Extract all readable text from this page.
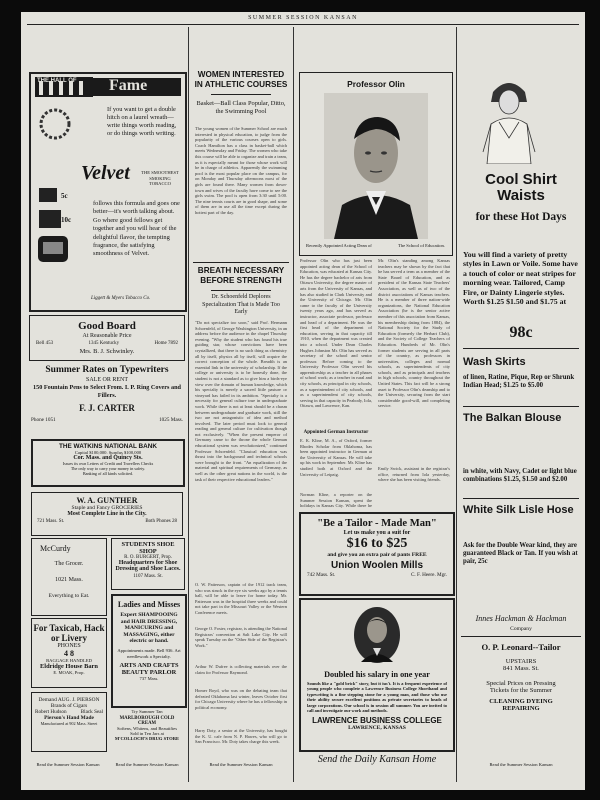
SUMMER SESSION KANSAN
THE HALL OF Fame
If you want to get a double hitch on a laurel wreath—write things worth reading, or do things worth writing.
Velvet	THE SMOOTHEST SMOKING TOBACCO
5c
10c
follows this formula and goes one better—it's worth talking about. Go where good fellows get together and you will hear of the delightful flavor, the tempting fragrance, the satisfying smoothness of Velvet.
Liggett & Myers Tobacco Co.
Good Board
At Reasonable Price
Bell 453	1345 Kentucky	Home 7892
Mrs. B. J. Schwinley.
Summer Rates on Typewriters
SALE OR RENT
150 Fountain Pens to Select From. I. P. Ring Covers and Fillers.
F. J. CARTER
Phone 1051	1025 Mass.
THE WATKINS NATIONAL BANK
Capital $100,000. Surplus $100,000
Cor. Mass. and Quincy Sts.
Issues its own Letters of Credit and Travellers Checks
The only way to carry your money in safety.
Banking of all kinds solicited.
W. A. GUNTHER
Staple and Fancy GROCERIES
Most Complete Line in the City.
721 Mass. St.	Both Phones 28
McCurdy
The Grocer.
1021 Mass.
Everything to Eat.
For Taxicab, Hack or Livery
PHONES
4 8
BAGGAGE HANDLED
Eldridge House Barn
E. MOAK, Prop.
Demand AUG. J. PIERSON
Brands of Cigars
Robert Hudson	Black Seal
Pierson's Hand Made
Manufactured at 902 Mass. Street
Read the Summer Session Kansan
STUDENTS SHOE SHOP
R. O. BURGERT, Prop.
Headquarters for Shoe
Dressing and Shoe Laces.
1107 Mass. St.
Ladies and Misses
Expert SHAMPOOING and HAIR DRESSING, MANICURING and MASSAGING, either electric or hand.
Appointments made. Bell 936. Art needlework a Specialty.
ARTS AND CRAFTS
BEAUTY PARLOR
737 Mass.
Try Summer Tan
MARLBOROUGH COLD CREAM
Softens, Whitens, and Beautifies
Sold in Ten Jars at
M'COLLOCH'S DRUG STORE
Read the Summer Session Kansan
WOMEN INTERESTED IN ATHLETIC COURSES
Basket—Ball Class Popular, Ditto, the Swimming Pool
The young women of the Summer School are much interested in physical education, to judge from the popularity of the various courses open to girls. Coach Hamilton has a class in basket-ball which meets Wednesday and Friday. The women who take this course will be able to organize and train a team, as it is especially meant for those whose work will be in charge of athletics. Apparently the swimming pool is the most popular place on the campus, for on Monday and Thursday afternoons most of the girls are found there. Many women from down-town and wives of the faculty have come to see the girls swim. The pool is open from 3:30 until 5:00. The nine tennis courts are in good shape, and some of them are in use all the time except during the hottest part of the day.
BREATH NECESSARY BEFORE STRENGTH
Dr. Schoenfeld Deplores Specialization That is Made Too Early
"Do not specialize too soon," said Prof. Hermann Schoenfeld, of George Washington University, in an address before the audience in the chapel Thursday evening. "Why the student who has found his true guiding star, whose convictions have been crystallized, that there is no such thing as chemistry all by itself, physics all by itself, will acquire the correct conception of the whole. Breadth is an essential link in the university of scholarship. If the college or university is to be honestly done, the student is not a standard as to give him a birds-eye view over the domain of human knowledge, which his specialty is merely a sacred little pasture or vineyard has failed in its ambition. "Specialty is a necessity for general culture true in undergraduate work. While there is not at least should be a chasm between undergraduate and graduate work, still the two are not antagonistic of idea and method involved. The later period must look to general reading and general culture for cultivation though not exclusively. "When the present emperor of Germany came to the throne the whole German educational system was revolutionized," continued Professor Schoenfeld. "Classical education was thrust into the background and technical schools were brought to the front. "An equalization of the material and spiritual requirements of Germany, as well as the other great nations in the world, is the task of their respective educational leaders."
O. W. Patterson, captain of the 1912 track team, who was struck in the eye six weeks ago by a tennis ball, will be able to leave for home today. Mr. Patterson was in the hospital three weeks and could not take part in the Missouri Valley or the Western Conference meets.
George O. Foster, registrar, is attending the National Registrars' convention at Salt Lake City. He will speak Tuesday on the "Other Side of the Registrar's Work."
Arthur W. Dufree is collecting materials over the claim for Professor Raymond.
Homer Boyd, who was on the debating team that defeated Oklahoma last winter, leaves October first for Chicago University where he has a fellowship in political economy.
Harry Doty, a senior at the University, has bought the K. U. cafe from N. P. Hawes, who will go to San Francisco. Mr. Doty takes charge this week.
Read the Summer Session Kansan
Professor Olin
Recently Appointed Acting Dean of	The School of Education.
Professor Olin who has just been appointed acting dean of the School of Education, was educated at Kansas City. He has the degree bachelor of arts from Ottawa University, the degree master of arts from the University of Kansas, and has also studied in Clark University and the University of Chicago. Mr. Olin came to the faculty of the University twenty years ago, and has served as instructor, associate professor, professor and head of a department. He was the first head of the department of education, serving in that capacity till 1910, when the department was created into a school. Under Dean Charles Hughes Johnston Mr. Olin has served as secretary of the school and senior professor. Before coming to the University Professor Olin served his apprenticeship as a teacher in all phases of school work; as a teacher in rural and city schools, as principal in city schools, as a superintendent of city schools, and as a superintendent of city schools, serving in that capacity in Peabody, Iola, Ottawa, and Lawrence, Kan.
Mr. Olin's standing among Kansas teachers may be shown by the fact that he has served a term as a member of the State Board of Education, and as president of the Kansas State Teachers' Association, as well as of two of the district associations of Kansas teachers. He is a member of three nation-wide organizations, the National Education Association (he is the senior active member of this association from Kansas, his membership dating from 1884), the National Society for the Study of Education (formerly the Herbart Club), and the Society of College Teachers of Education. Hundreds of Mr. Olin's former students are serving in all parts of the country, as professors in universities, colleges and normal schools, as superintendents of city schools, and as principals and teachers in high schools, country throughout the United States. This fact will be a strong asset to Professor Olin's deanship and to the University, securing from the start considerable good-will, and completing service.
Appointed German Instructor
E. K. Kline, M. A., of Oxford, former Rhodes Scholar from Oklahoma, has been appointed instructor in German at the University of Kansas. He will take up his work in September. Mr. Kline has studied both at Oxford and the University of Leipzig.
Norman Kline, a reporter on the Summer Session Kansan, spent the holidays in Kansas City. While there he
Emily Swick, assistant in the registrar's office, returned from Iola yesterday, where she has been visiting friends.
"Be a Tailor - Made Man"
Let us make you a suit for
$16 to $25
and give you an extra pair of pants FREE
Union Woolen Mills
742 Mass. St.	C. F. Heere. Mgr.
Doubled his salary in one year
Sounds like a "gold brick" story, but it isn't. It is a frequent experience of young people who complete a Lawrence Business College Shorthand and typewriting is a fine stepping stone for a young man, and those who use their ability secure excellent positions as private secretaries to heads of large corporations. Our school is in session all summer. You are invited to call and investigate our work and methods.
LAWRENCE BUSINESS COLLEGE
LAWRENCE, KANSAS
Send the Daily Kansan Home
Cool Shirt
Waists
for these Hot Days
You will find a variety of pretty styles in Lawn or Voile. Some have a touch of color or neat stripes for morning wear. Tailored, Camp Fire, or Dainty Lingerie styles. Worth $1.25 $1.50 and $1.75 at
98c
Wash Skirts
of linen, Ratine, Pique, Rep or Shrunk Indian Head; $1.25 to $5.00
The Balkan Blouse
in white, with Navy, Cadet or light blue combinations $1.25, $1.50 and $2.00
White Silk Lisle Hose
Ask for the Double Wear kind, they are guaranteed Black or Tan. If you wish at pair, 25c
Innes Hackman & Hackman
Company
O. P. Leonard--Tailor
UPSTAIRS
841 Mass. St.
Special Prices on Pressing
Tickets for the Summer
CLEANING DYEING
REPAIRING
Read the Summer Session Kansan
